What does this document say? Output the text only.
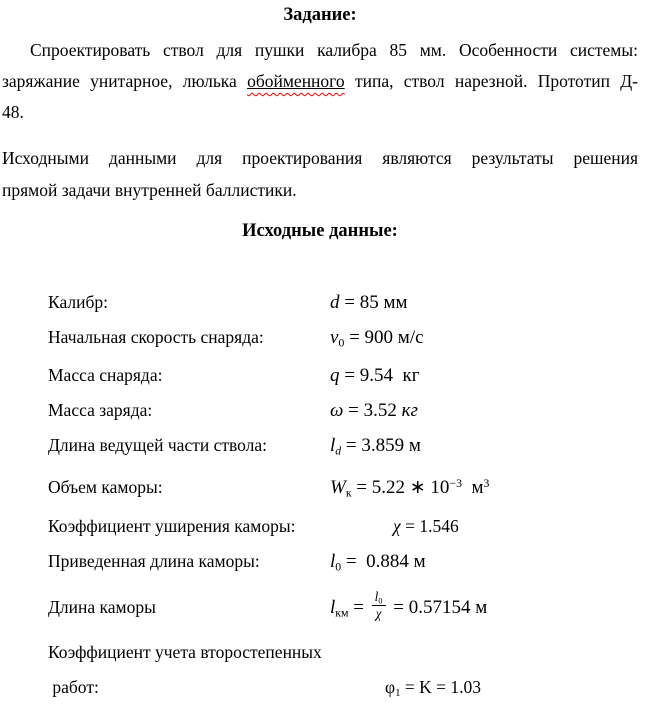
Задание:
Спроектировать ствол для пушки калибра 85 мм. Особенности системы:
заряжание унитарное, люлька обойменного типа, ствол нарезной. Прототип Д-
48.
Исходными данными для проектирования являются результаты решения
прямой задачи внутренней баллистики.
Исходные данные:
Калибр:	d = 85 мм
Начальная скорость снаряда:	v0 = 900 м/с
Масса снаряда:	q = 9.54  кг
Масса заряда:	ω = 3.52 кг
Длина ведущей части ствола:	ld = 3.859 м
Объем каморы:	Wк = 5.22 ∗ $10^{-3}$  $м^3$
Коэффициент уширения каморы:	χ = 1.546
Приведенная длина каморы:	l0 =  0.884 м
Длина каморы	lкм = $\frac{l0}{\chi} = 0.57154$ м
Коэффициент учета второстепенных
работ:	φ1 = K = 1.03
